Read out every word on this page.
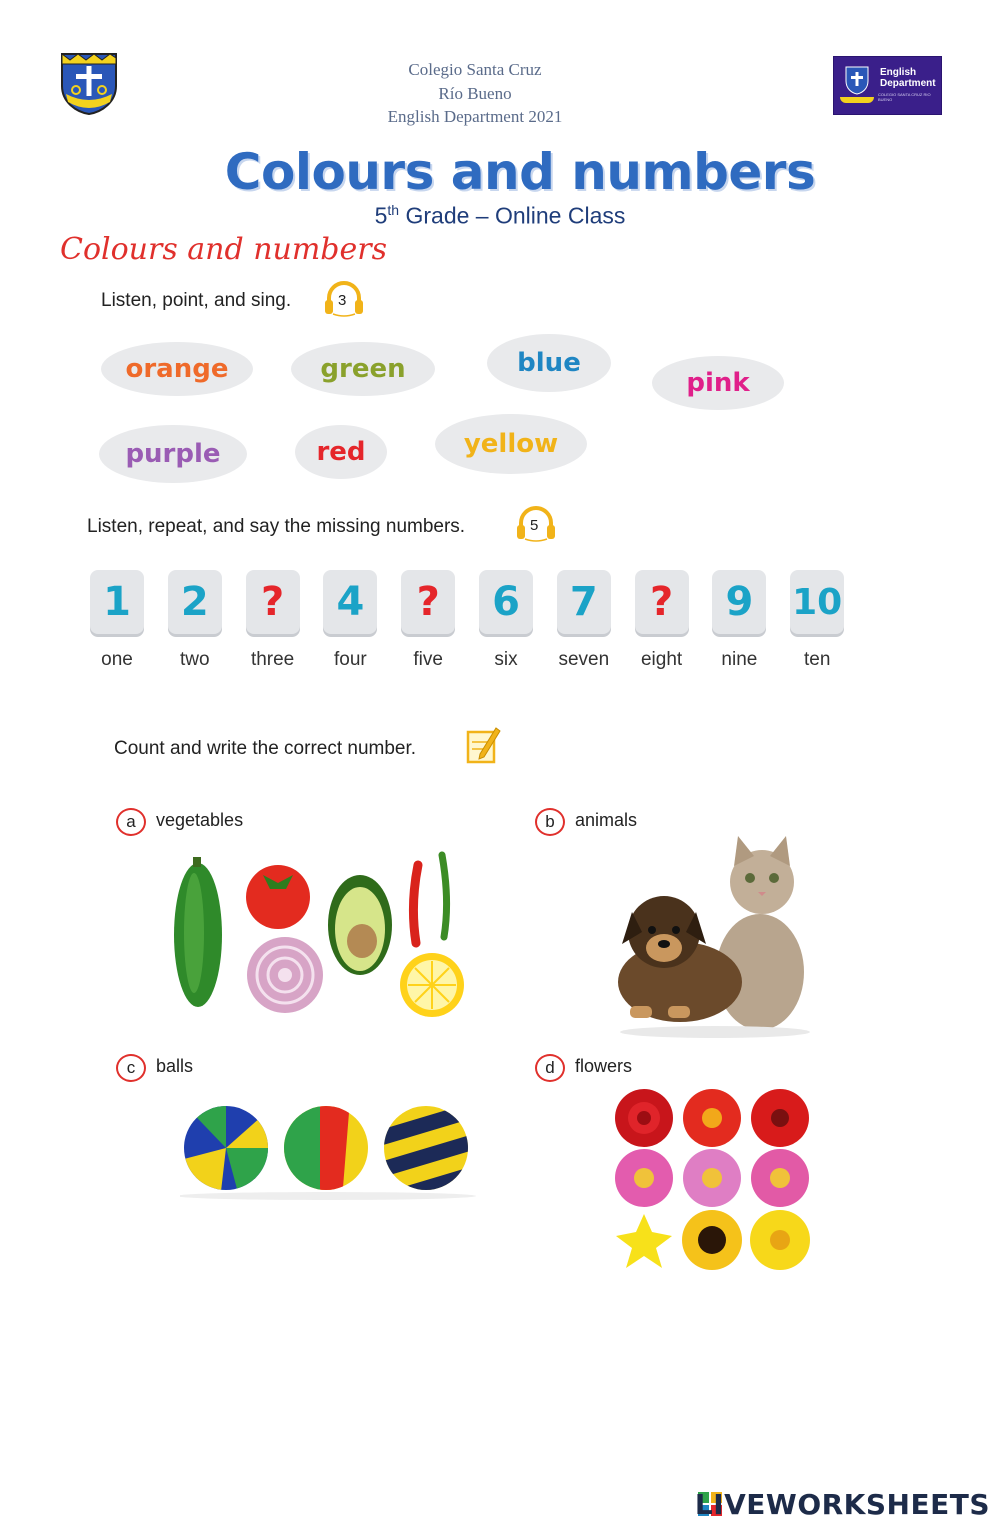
Colegio Santa Cruz
Río Bueno
English Department 2021
English
Department
COLEGIO SANTA CRUZ RIO BUENO
Colours and numbers
5th Grade – Online Class
Colours and numbers
Listen, point, and sing.	3
orange	green	blue
pink
purple	red	yellow
Listen, repeat, and say the missing numbers.	5
1
one
2
two
?
three
4
four
?
five
6
six
7
seven
?
eight
9
nine
10
ten
Count and write the correct number.
a	vegetables	b	animals
c	balls	d	flowers
LIVEWORKSHEETS
